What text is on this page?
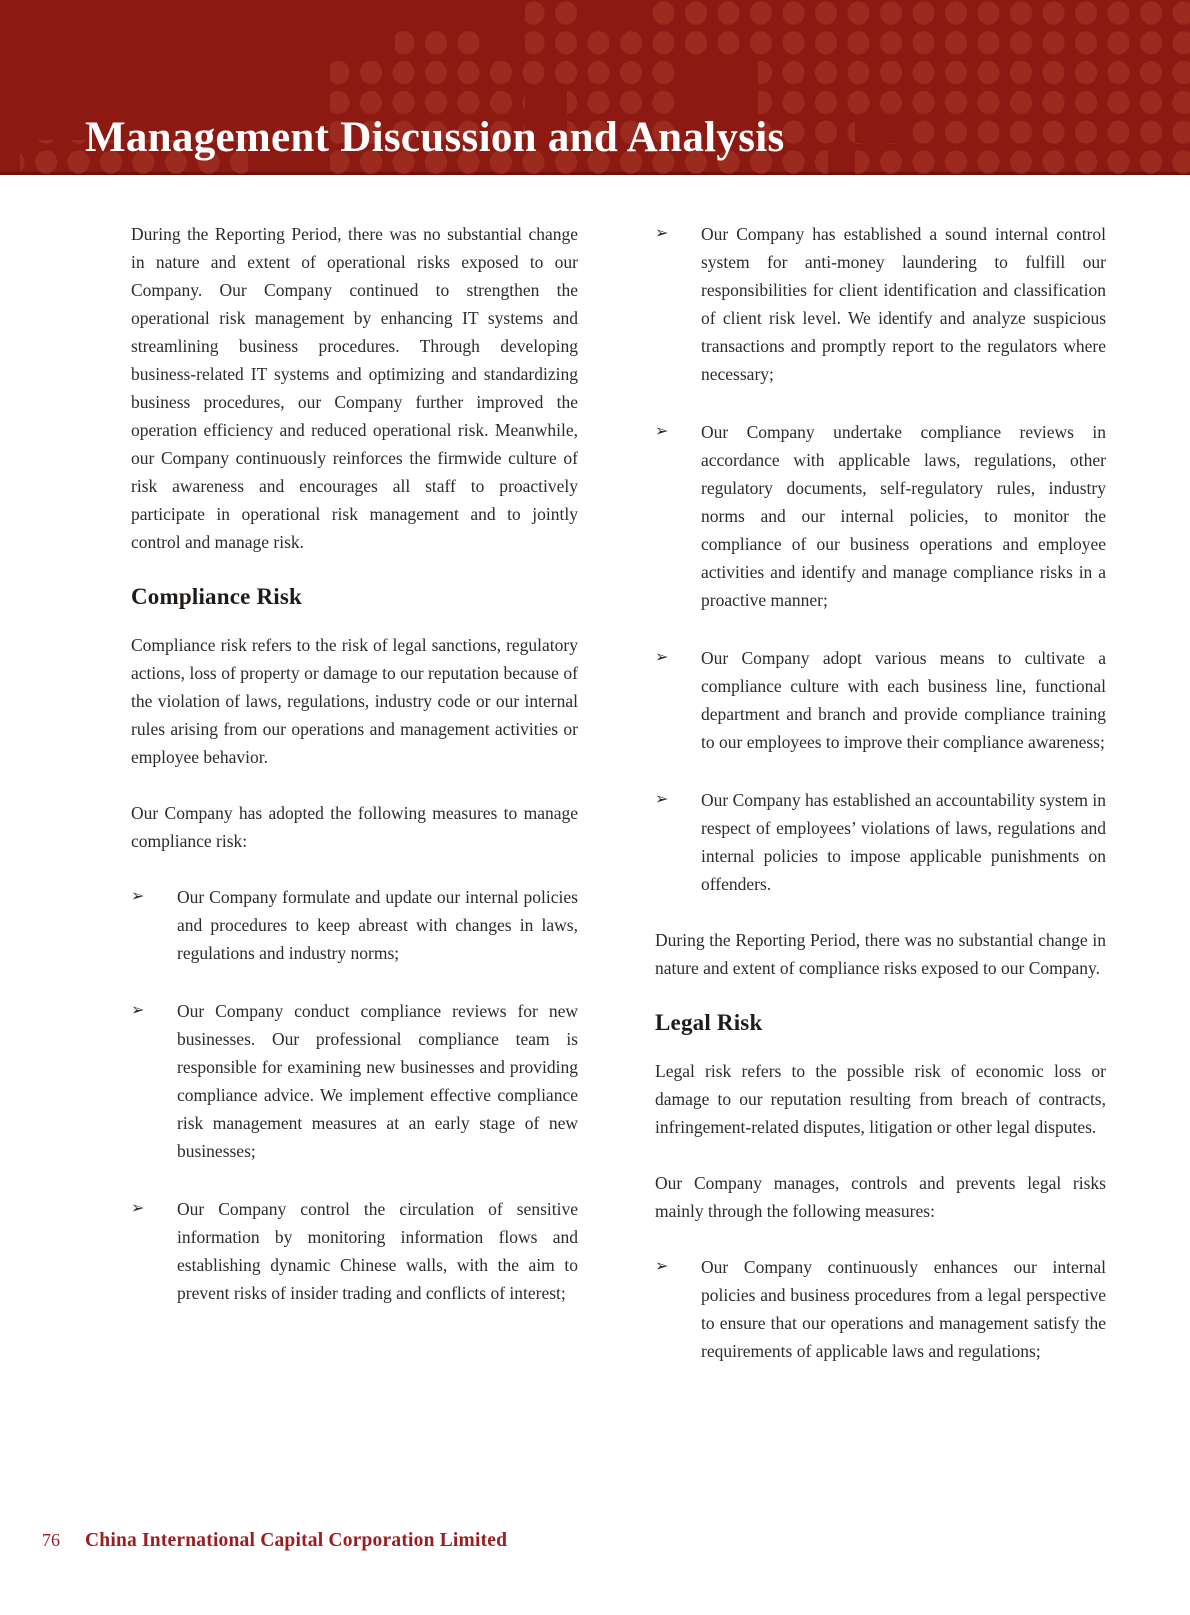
Management Discussion and Analysis

During the Reporting Period, there was no substantial change in nature and extent of operational risks exposed to our Company. Our Company continued to strengthen the operational risk management by enhancing IT systems and streamlining business procedures. Through developing business-related IT systems and optimizing and standardizing business procedures, our Company further improved the operation efficiency and reduced operational risk. Meanwhile, our Company continuously reinforces the firmwide culture of risk awareness and encourages all staff to proactively participate in operational risk management and to jointly control and manage risk.

Compliance Risk

Compliance risk refers to the risk of legal sanctions, regulatory actions, loss of property or damage to our reputation because of the violation of laws, regulations, industry code or our internal rules arising from our operations and management activities or employee behavior.

Our Company has adopted the following measures to manage compliance risk:

➢	Our Company formulate and update our internal policies and procedures to keep abreast with changes in laws, regulations and industry norms;
➢	Our Company conduct compliance reviews for new businesses. Our professional compliance team is responsible for examining new businesses and providing compliance advice. We implement effective compliance risk management measures at an early stage of new businesses;
➢	Our Company control the circulation of sensitive information by monitoring information flows and establishing dynamic Chinese walls, with the aim to prevent risks of insider trading and conflicts of interest;
➢	Our Company has established a sound internal control system for anti-money laundering to fulfill our responsibilities for client identification and classification of client risk level. We identify and analyze suspicious transactions and promptly report to the regulators where necessary;
➢	Our Company undertake compliance reviews in accordance with applicable laws, regulations, other regulatory documents, self-regulatory rules, industry norms and our internal policies, to monitor the compliance of our business operations and employee activities and identify and manage compliance risks in a proactive manner;
➢	Our Company adopt various means to cultivate a compliance culture with each business line, functional department and branch and provide compliance training to our employees to improve their compliance awareness;
➢	Our Company has established an accountability system in respect of employees’ violations of laws, regulations and internal policies to impose applicable punishments on offenders.

During the Reporting Period, there was no substantial change in nature and extent of compliance risks exposed to our Company.

Legal Risk

Legal risk refers to the possible risk of economic loss or damage to our reputation resulting from breach of contracts, infringement-related disputes, litigation or other legal disputes.

Our Company manages, controls and prevents legal risks mainly through the following measures:

➢	Our Company continuously enhances our internal policies and business procedures from a legal perspective to ensure that our operations and management satisfy the requirements of applicable laws and regulations;
76 China International Capital Corporation Limited
